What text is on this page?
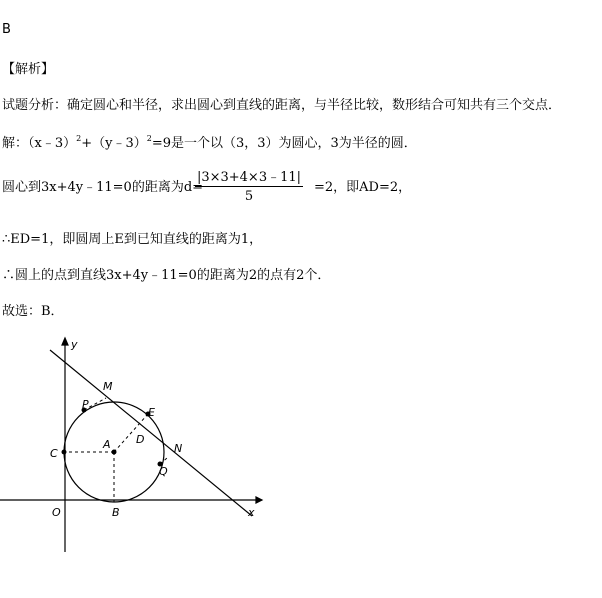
B
【解析】
试题分析：确定圆心和半径，求出圆心到直线的距离，与半径比较，数形结合可知共有三个交点．
解：（x﹣3）$^2$+（y﹣3）$^2$=9是一个以（3，3）为圆心，3为半径的圆．
圆心到3x+4y﹣11=0的距离为d=
$\frac{|3\times 3+4\times 3﹣11|}{5} =2$，即AD=2，
∴ED=1，即圆周上E到已知直线的距离为1，
∴圆上的点到直线3x+4y﹣11=0的距离为2的点有2个．
故选：B．
y
x
O	B
C
A D
E
M
N
P
Q
